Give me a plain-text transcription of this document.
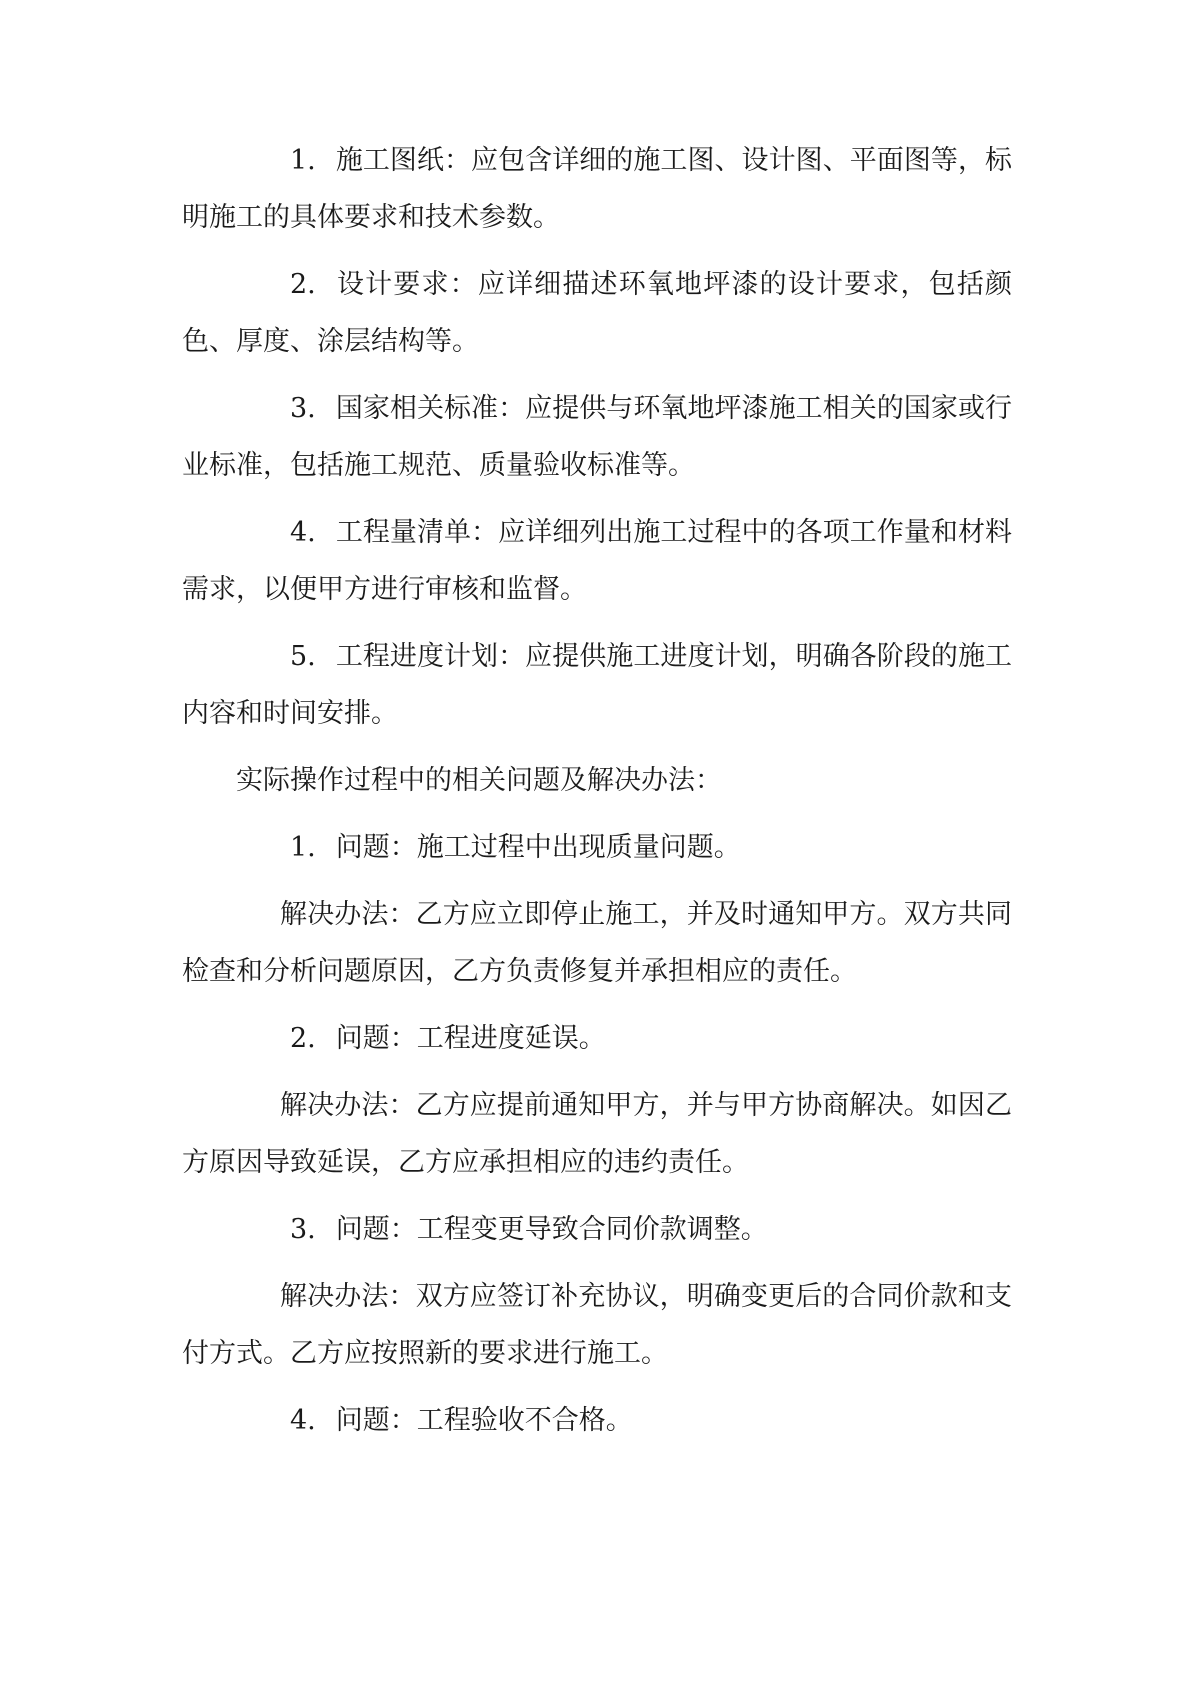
1. 施工图纸：应包含详细的施工图、设计图、平面图等，标明施工的具体要求和技术参数。

2. 设计要求：应详细描述环氧地坪漆的设计要求，包括颜色、厚度、涂层结构等。

3. 国家相关标准：应提供与环氧地坪漆施工相关的国家或行业标准，包括施工规范、质量验收标准等。

4. 工程量清单：应详细列出施工过程中的各项工作量和材料需求，以便甲方进行审核和监督。

5. 工程进度计划：应提供施工进度计划，明确各阶段的施工内容和时间安排。

实际操作过程中的相关问题及解决办法：

1. 问题：施工过程中出现质量问题。

解决办法：乙方应立即停止施工，并及时通知甲方。双方共同检查和分析问题原因，乙方负责修复并承担相应的责任。

2. 问题：工程进度延误。

解决办法：乙方应提前通知甲方，并与甲方协商解决。如因乙方原因导致延误，乙方应承担相应的违约责任。

3. 问题：工程变更导致合同价款调整。

解决办法：双方应签订补充协议，明确变更后的合同价款和支付方式。乙方应按照新的要求进行施工。

4. 问题：工程验收不合格。
